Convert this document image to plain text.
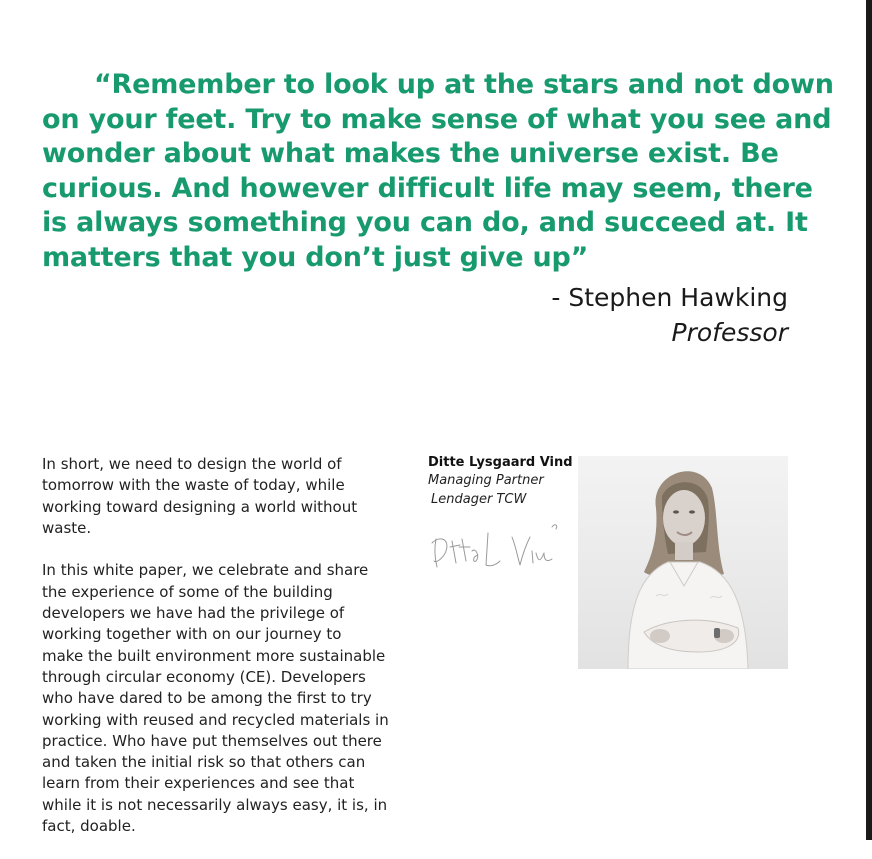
“Remember to look up at the stars and not down
on your feet. Try to make sense of what you see and
wonder about what makes the universe exist. Be
curious. And however difficult life may seem, there
is always something you can do, and succeed at. It
matters that you don’t just give up”
- Stephen Hawking
Professor

In short, we need to design the world of
tomorrow with the waste of today, while
working toward designing a world without
waste.

In this white paper, we celebrate and share
the experience of some of the building
developers we have had the privilege of
working together with on our journey to
make the built environment more sustainable
through circular economy (CE). Developers
who have dared to be among the first to try
working with reused and recycled materials in
practice. Who have put themselves out there
and taken the initial risk so that others can
learn from their experiences and see that
while it is not necessarily always easy, it is, in
fact, doable.

Ditte Lysgaard Vind
Managing Partner
Lendager TCW
